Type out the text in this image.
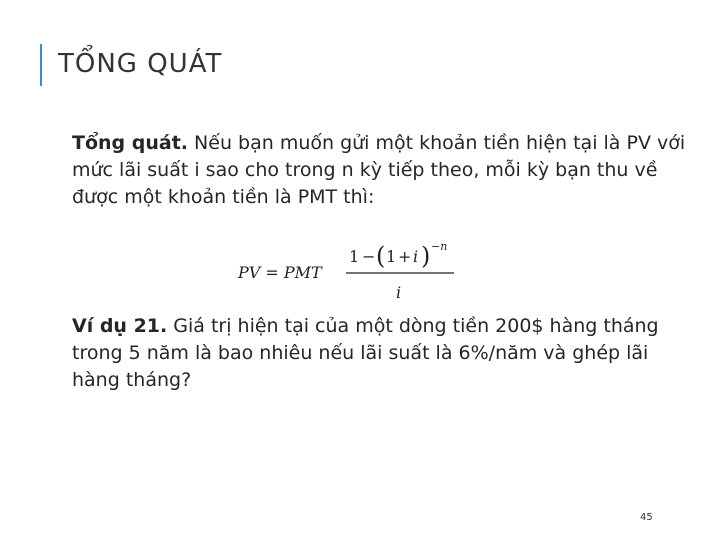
TỔNG QUÁT
Tổng quát. Nếu bạn muốn gửi một khoản tiền hiện tại là PV với mức lãi suất i sao cho trong n kỳ tiếp theo, mỗi kỳ bạn thu về được một khoản tiền là PMT thì:
PV = PMT
1 − ( 1 + i ) −n
i
Ví dụ 21. Giá trị hiện tại của một dòng tiền 200$ hàng tháng trong 5 năm là bao nhiêu nếu lãi suất là 6%/năm và ghép lãi hàng tháng?
45
